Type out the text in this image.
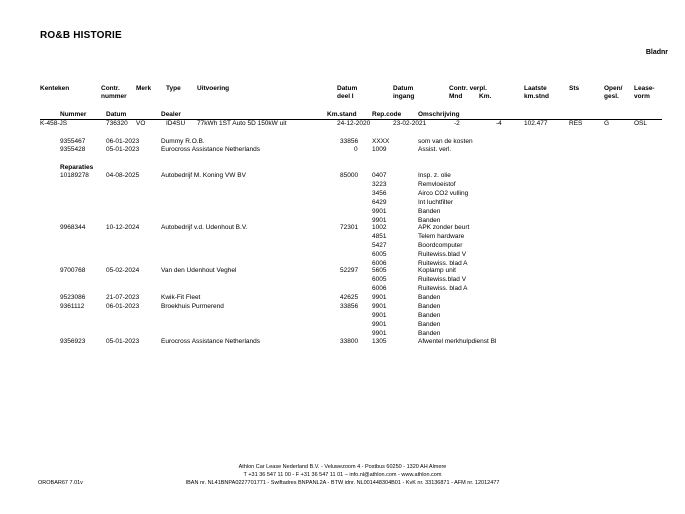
RO&B HISTORIE
Bladnr
Kenteken	Contr.
nummer
Merk Type	Uitvoering	Datum
deel I
Datum
ingang
Contr. verpl.
Mnd	Km.
Laatste
km.stnd
Sts	Open/
gesl.
Lease-
vorm
Nummer	Datum	Dealer	Km.stand Rep.code	Omschrijving
K-458-JS	736320 VO	ID4SU 77kWh 1ST Auto 5D 150kW uit	24-12-2020	23-02-2021	-2	-4	102.477	RES	G	OSL
9355467	06-01-2023	Dummy R.O.B.	33856 XXXX	som van de kosten
9355428	05-01-2023	Eurocross Assistance Netherlands	0 1009	Assist. verl.
Reparaties
10189278	04-08-2025	Autobedrijf M. Koning VW BV	85000 0407	Insp. z. olie
3223	Remvloeistof
3456	Airco CO2 vulling
6429	Int luchtfilter
9901	Banden
9901	Banden
9968344	10-12-2024	Autobedrijf v.d. Udenhout B.V.	72301 1002	APK zonder beurt
4851	Telem hardware
5427	Boordcomputer
6005	Ruitewiss.blad V
6006	Ruitewiss. blad A
9700768	05-02-2024	Van den Udenhout Veghel	52297 5605	Koplamp unit
6005	Ruitewiss.blad V
6006	Ruitewiss. blad A
9523086	21-07-2023	Kwik-Fit Fleet	42625 9901	Banden
9361112	06-01-2023	Broekhuis Purmerend	33856 9901	Banden
9901	Banden
9901	Banden
9901	Banden
9356923	05-01-2023	Eurocross Assistance Netherlands	33800 1305	Afwentel merkhulpdienst Bl
Athlon Car Lease Nederland B.V. - Veluwezoom 4 - Postbus 60250 - 1320 AH Almere
T +31 36 547 11 00 - F +31 36 547 11 01 – info.nl@athlon.com - www.athlon.com
IBAN nr. NL41BNPA0227701771 - Swiftadres BNPANL2A - BTW idnr. NL001448304B01 - KvK nr. 33136871 - AFM nr. 12012477
OROBAR67 7.01v
